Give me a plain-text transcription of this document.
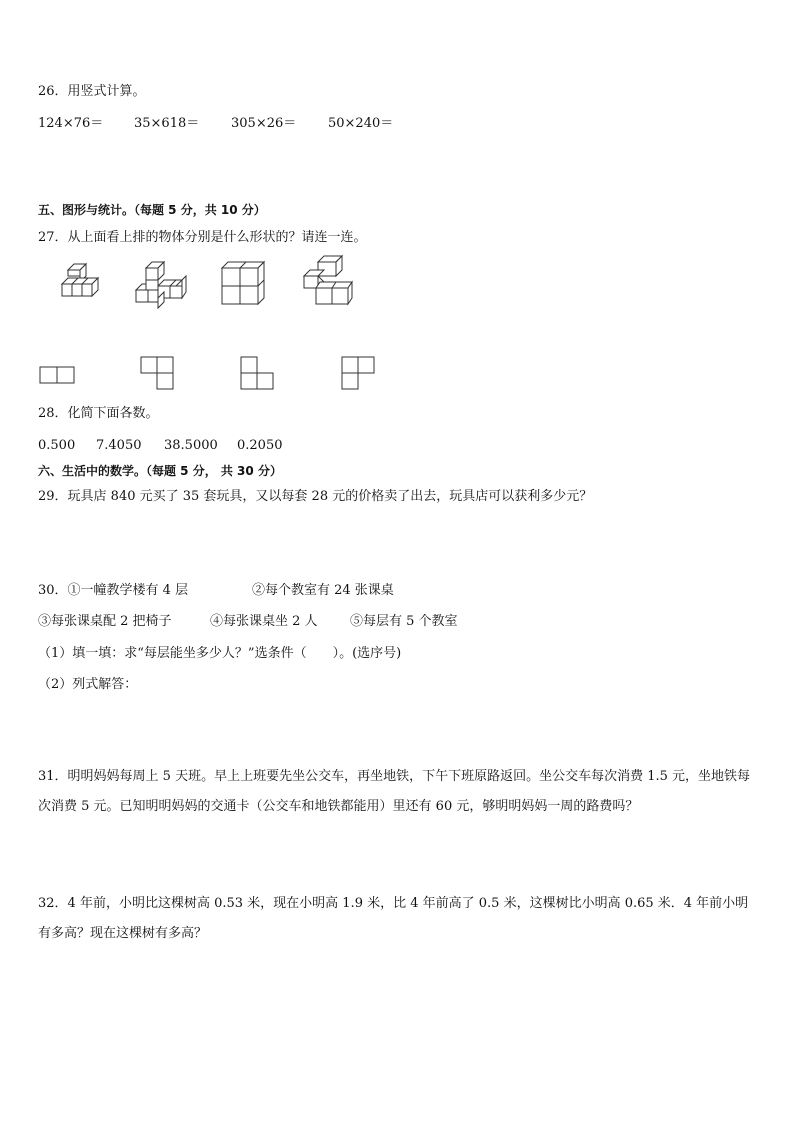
26．用竖式计算。
124×76＝ 35×618＝ 305×26＝ 50×240＝
五、图形与统计。（每题 5 分，共 10 分）
27．从上面看上排的物体分别是什么形状的？请连一连。
28．化简下面各数。
0.500 7.4050 38.5000 0.2050
六、生活中的数学。（每题 5 分， 共 30 分）
29．玩具店 840 元买了 35 套玩具，又以每套 28 元的价格卖了出去，玩具店可以获利多少元？
30．①一幢教学楼有 4 层	②每个教室有 24 张课桌
③每张课桌配 2 把椅子	④每张课桌坐 2 人 ⑤每层有 5 个教室
（1）填一填：求“每层能坐多少人？”选条件（　　）。(选序号)
（2）列式解答：
31．明明妈妈每周上 5 天班。早上上班要先坐公交车，再坐地铁，下午下班原路返回。坐公交车每次消费 1.5 元，坐地铁每次消费 5 元。已知明明妈妈的交通卡（公交车和地铁都能用）里还有 60 元，够明明妈妈一周的路费吗？
32．4 年前，小明比这棵树高 0.53 米，现在小明高 1.9 米，比 4 年前高了 0.5 米，这棵树比小明高 0.65 米．4 年前小明有多高？现在这棵树有多高？
